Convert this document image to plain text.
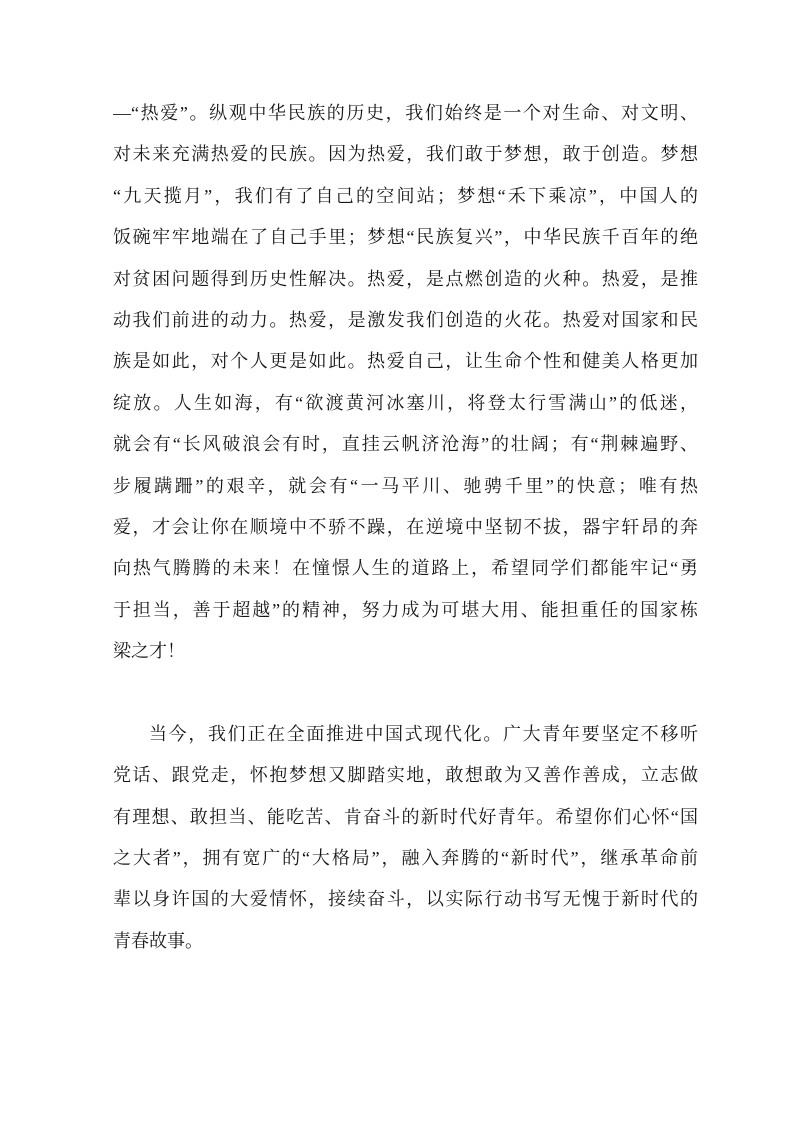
—“热爱”。纵观中华民族的历史，我们始终是一个对生命、对文明、
对未来充满热爱的民族。因为热爱，我们敢于梦想，敢于创造。梦想
“九天揽月”，我们有了自己的空间站；梦想“禾下乘凉”，中国人的
饭碗牢牢地端在了自己手里；梦想“民族复兴”，中华民族千百年的绝
对贫困问题得到历史性解决。热爱，是点燃创造的火种。热爱，是推
动我们前进的动力。热爱，是激发我们创造的火花。热爱对国家和民
族是如此，对个人更是如此。热爱自己，让生命个性和健美人格更加
绽放。人生如海，有“欲渡黄河冰塞川，将登太行雪满山”的低迷，
就会有“长风破浪会有时，直挂云帆济沧海”的壮阔；有“荆棘遍野、
步履蹒跚”的艰辛，就会有“一马平川、驰骋千里”的快意；唯有热
爱，才会让你在顺境中不骄不躁，在逆境中坚韧不拔，器宇轩昂的奔
向热气腾腾的未来！在憧憬人生的道路上，希望同学们都能牢记“勇
于担当，善于超越”的精神，努力成为可堪大用、能担重任的国家栋
梁之才！
当今，我们正在全面推进中国式现代化。广大青年要坚定不移听
党话、跟党走，怀抱梦想又脚踏实地，敢想敢为又善作善成，立志做
有理想、敢担当、能吃苦、肯奋斗的新时代好青年。希望你们心怀“国
之大者”，拥有宽广的“大格局”，融入奔腾的“新时代”，继承革命前
辈以身许国的大爱情怀，接续奋斗，以实际行动书写无愧于新时代的
青春故事。
